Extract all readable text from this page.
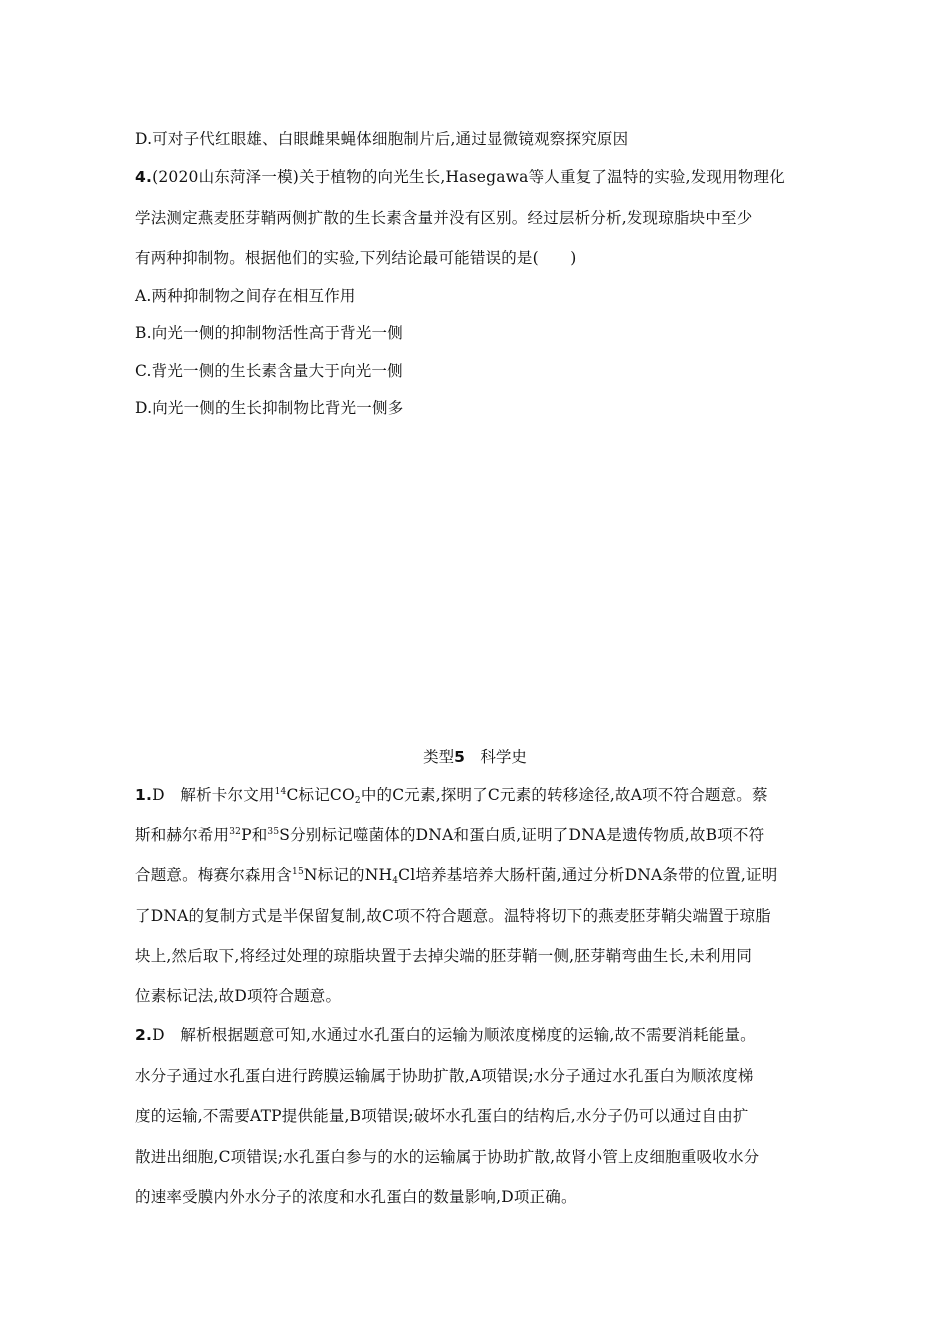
D.可对子代红眼雄、白眼雌果蝇体细胞制片后,通过显微镜观察探究原因
4.(2020山东菏泽一模)关于植物的向光生长,Hasegawa等人重复了温特的实验,发现用物理化
学法测定燕麦胚芽鞘两侧扩散的生长素含量并没有区别。经过层析分析,发现琼脂块中至少
有两种抑制物。根据他们的实验,下列结论最可能错误的是(　　)
A.两种抑制物之间存在相互作用
B.向光一侧的抑制物活性高于背光一侧
C.背光一侧的生长素含量大于向光一侧
D.向光一侧的生长抑制物比背光一侧多
类型5　 科学史
1.D　解析卡尔文用$^{14}$C标记$CO_2$中的C元素,探明了C元素的转移途径,故A项不符合题意。蔡
斯和赫尔希用$^{32}$P和$^{35}$S分别标记噬菌体的DNA和蛋白质,证明了DNA是遗传物质,故B项不符
合题意。梅赛尔森用含$^{15}$N标记的$NH_4Cl$培养基培养大肠杆菌,通过分析DNA条带的位置,证明
了DNA的复制方式是半保留复制,故C项不符合题意。温特将切下的燕麦胚芽鞘尖端置于琼脂
块上,然后取下,将经过处理的琼脂块置于去掉尖端的胚芽鞘一侧,胚芽鞘弯曲生长,未利用同
位素标记法,故D项符合题意。
2.D　解析根据题意可知,水通过水孔蛋白的运输为顺浓度梯度的运输,故不需要消耗能量。
水分子通过水孔蛋白进行跨膜运输属于协助扩散,A项错误;水分子通过水孔蛋白为顺浓度梯
度的运输,不需要ATP提供能量,B项错误;破坏水孔蛋白的结构后,水分子仍可以通过自由扩
散进出细胞,C项错误;水孔蛋白参与的水的运输属于协助扩散,故肾小管上皮细胞重吸收水分
的速率受膜内外水分子的浓度和水孔蛋白的数量影响,D项正确。
